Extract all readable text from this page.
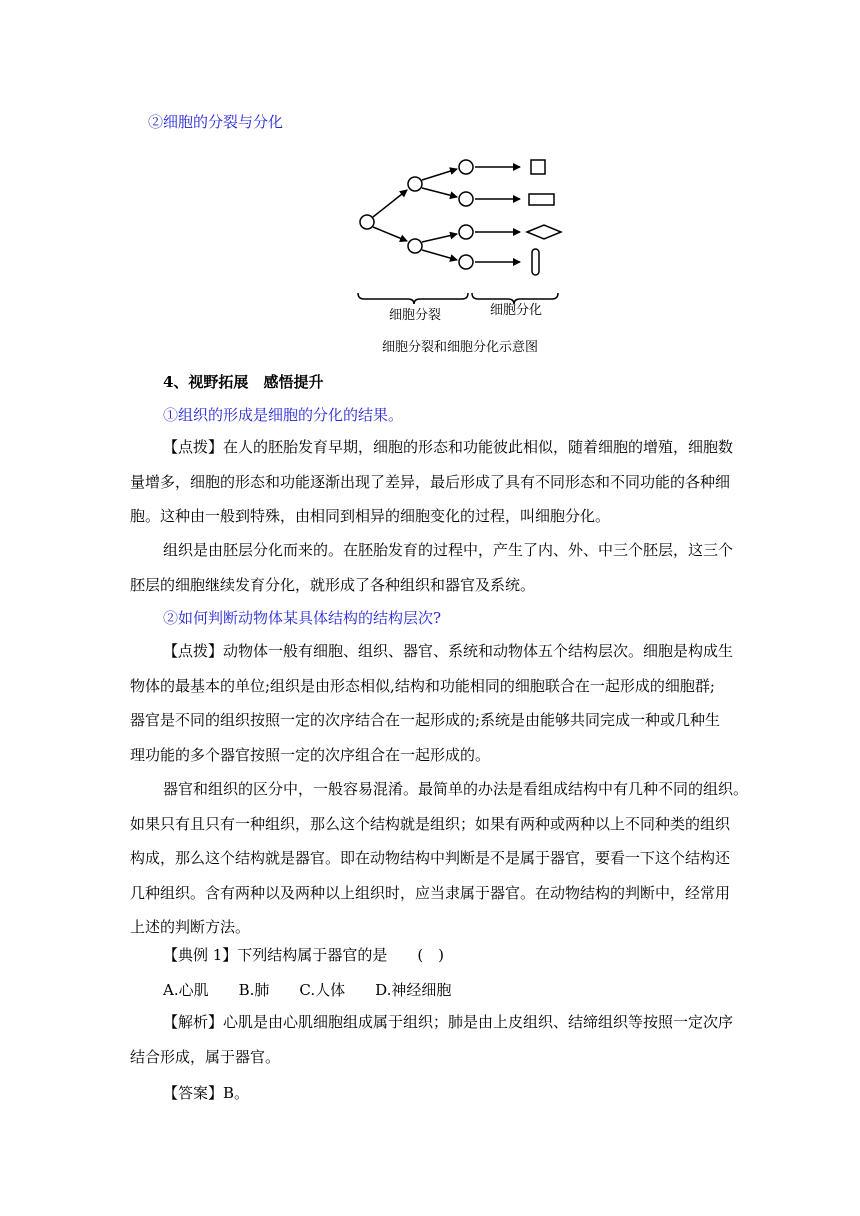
②细胞的分裂与分化
细胞分裂	细胞分化
细胞分裂和细胞分化示意图
4、视野拓展　感悟提升
①组织的形成是细胞的分化的结果。
【点拨】在人的胚胎发育早期，细胞的形态和功能彼此相似，随着细胞的增殖，细胞数
量增多，细胞的形态和功能逐渐出现了差异，最后形成了具有不同形态和不同功能的各种细
胞。这种由一般到特殊，由相同到相异的细胞变化的过程，叫细胞分化。
组织是由胚层分化而来的。在胚胎发育的过程中，产生了内、外、中三个胚层，这三个
胚层的细胞继续发育分化，就形成了各种组织和器官及系统。
②如何判断动物体某具体结构的结构层次?
【点拨】动物体一般有细胞、组织、器官、系统和动物体五个结构层次。细胞是构成生
物体的最基本的单位;组织是由形态相似,结构和功能相同的细胞联合在一起形成的细胞群;
器官是不同的组织按照一定的次序结合在一起形成的;系统是由能够共同完成一种或几种生
理功能的多个器官按照一定的次序组合在一起形成的。
器官和组织的区分中，一般容易混淆。最简单的办法是看组成结构中有几种不同的组织。
如果只有且只有一种组织，那么这个结构就是组织；如果有两种或两种以上不同种类的组织
构成，那么这个结构就是器官。即在动物结构中判断是不是属于器官，要看一下这个结构还
几种组织。含有两种以及两种以上组织时，应当隶属于器官。在动物结构的判断中，经常用
上述的判断方法。
【典例 1】下列结构属于器官的是　　(　)
A.心肌　　B.肺　　C.人体　　D.神经细胞
【解析】心肌是由心肌细胞组成属于组织；肺是由上皮组织、结缔组织等按照一定次序
结合形成，属于器官。
【答案】B。
